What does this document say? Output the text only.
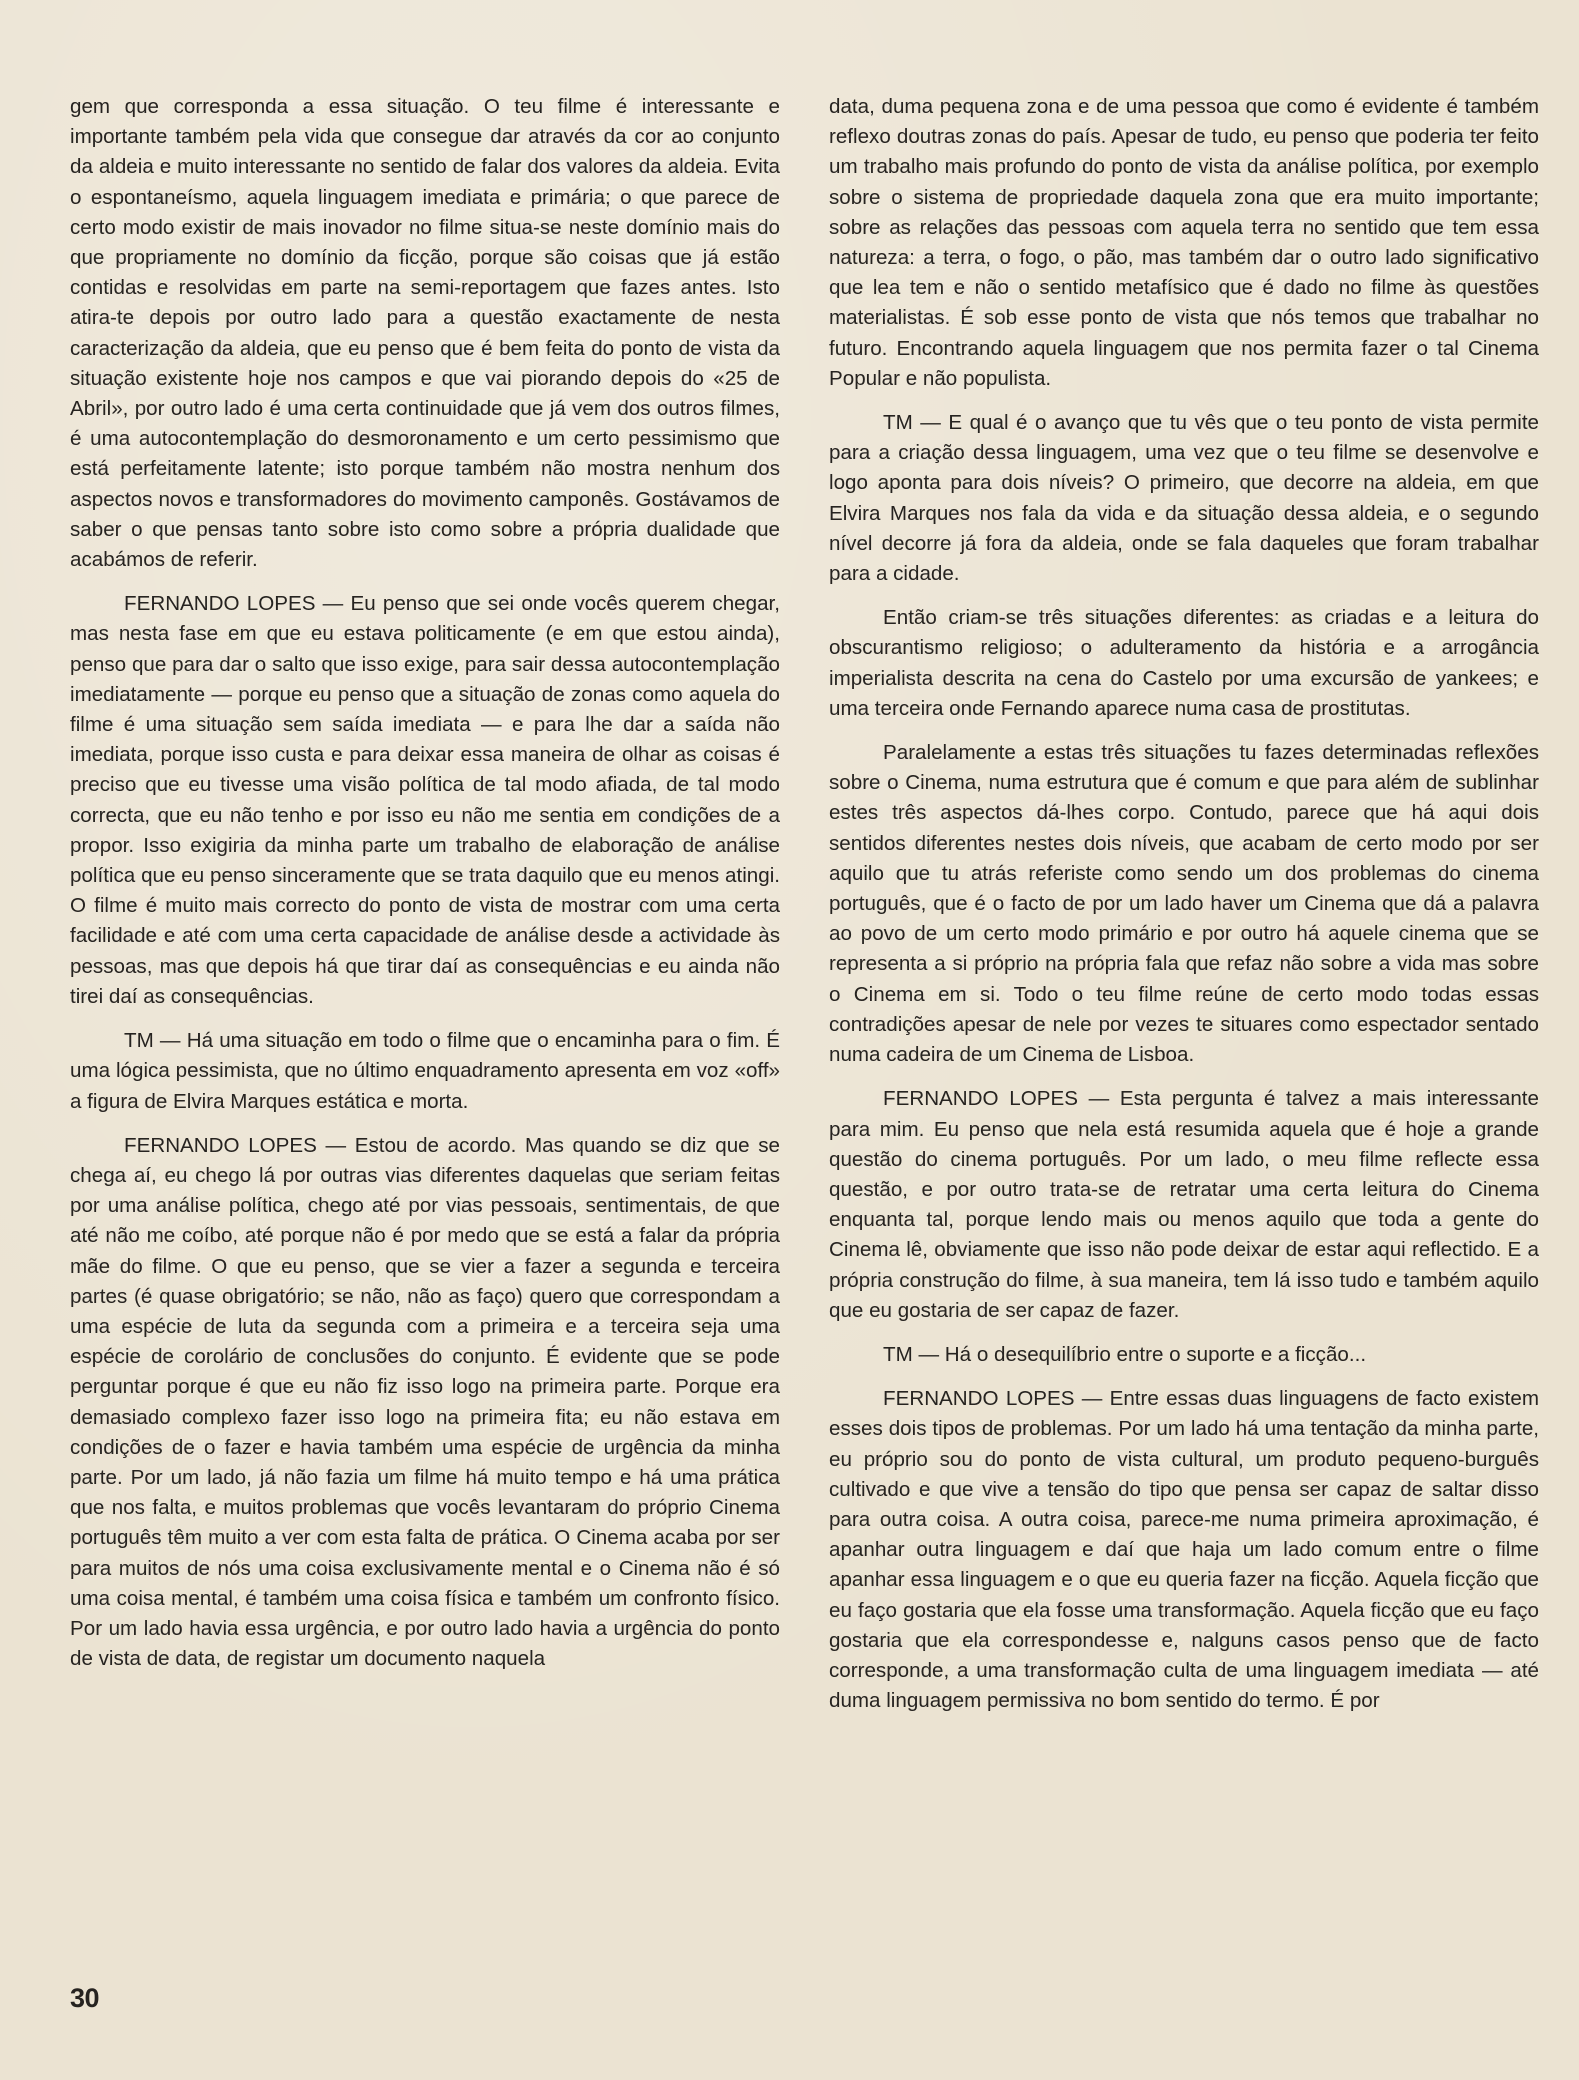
gem que corresponda a essa situação. O teu filme é interessante e importante também pela vida que consegue dar através da cor ao conjunto da aldeia e muito interessante no sentido de falar dos valores da aldeia. Evita o espontaneísmo, aquela linguagem imediata e primária; o que parece de certo modo existir de mais inovador no filme situa-se neste domínio mais do que propriamente no domínio da ficção, porque são coisas que já estão contidas e resolvidas em parte na semi-reportagem que fazes antes. Isto atira-te depois por outro lado para a questão exactamente de nesta caracterização da aldeia, que eu penso que é bem feita do ponto de vista da situação existente hoje nos campos e que vai piorando depois do «25 de Abril», por outro lado é uma certa continuidade que já vem dos outros filmes, é uma autocontemplação do desmoronamento e um certo pessimismo que está perfeitamente latente; isto porque também não mostra nenhum dos aspectos novos e transformadores do movimento camponês. Gostávamos de saber o que pensas tanto sobre isto como sobre a própria dualidade que acabámos de referir.

FERNANDO LOPES — Eu penso que sei onde vocês querem chegar, mas nesta fase em que eu estava politicamente (e em que estou ainda), penso que para dar o salto que isso exige, para sair dessa autocontemplação imediatamente — porque eu penso que a situação de zonas como aquela do filme é uma situação sem saída imediata — e para lhe dar a saída não imediata, porque isso custa e para deixar essa maneira de olhar as coisas é preciso que eu tivesse uma visão política de tal modo afiada, de tal modo correcta, que eu não tenho e por isso eu não me sentia em condições de a propor. Isso exigiria da minha parte um trabalho de elaboração de análise política que eu penso sinceramente que se trata daquilo que eu menos atingi. O filme é muito mais correcto do ponto de vista de mostrar com uma certa facilidade e até com uma certa capacidade de análise desde a actividade às pessoas, mas que depois há que tirar daí as consequências e eu ainda não tirei daí as consequências.

TM — Há uma situação em todo o filme que o encaminha para o fim. É uma lógica pessimista, que no último enquadramento apresenta em voz «off» a figura de Elvira Marques estática e morta.

FERNANDO LOPES — Estou de acordo. Mas quando se diz que se chega aí, eu chego lá por outras vias diferentes daquelas que seriam feitas por uma análise política, chego até por vias pessoais, sentimentais, de que até não me coíbo, até porque não é por medo que se está a falar da própria mãe do filme. O que eu penso, que se vier a fazer a segunda e terceira partes (é quase obrigatório; se não, não as faço) quero que correspondam a uma espécie de luta da segunda com a primeira e a terceira seja uma espécie de corolário de conclusões do conjunto. É evidente que se pode perguntar porque é que eu não fiz isso logo na primeira parte. Porque era demasiado complexo fazer isso logo na primeira fita; eu não estava em condições de o fazer e havia também uma espécie de urgência da minha parte. Por um lado, já não fazia um filme há muito tempo e há uma prática que nos falta, e muitos problemas que vocês levantaram do próprio Cinema português têm muito a ver com esta falta de prática. O Cinema acaba por ser para muitos de nós uma coisa exclusivamente mental e o Cinema não é só uma coisa mental, é também uma coisa física e também um confronto físico. Por um lado havia essa urgência, e por outro lado havia a urgência do ponto de vista de data, de registar um documento naquela

data, duma pequena zona e de uma pessoa que como é evidente é também reflexo doutras zonas do país. Apesar de tudo, eu penso que poderia ter feito um trabalho mais profundo do ponto de vista da análise política, por exemplo sobre o sistema de propriedade daquela zona que era muito importante; sobre as relações das pessoas com aquela terra no sentido que tem essa natureza: a terra, o fogo, o pão, mas também dar o outro lado significativo que lea tem e não o sentido metafísico que é dado no filme às questões materialistas. É sob esse ponto de vista que nós temos que trabalhar no futuro. Encontrando aquela linguagem que nos permita fazer o tal Cinema Popular e não populista.

TM — E qual é o avanço que tu vês que o teu ponto de vista permite para a criação dessa linguagem, uma vez que o teu filme se desenvolve e logo aponta para dois níveis? O primeiro, que decorre na aldeia, em que Elvira Marques nos fala da vida e da situação dessa aldeia, e o segundo nível decorre já fora da aldeia, onde se fala daqueles que foram trabalhar para a cidade.

Então criam-se três situações diferentes: as criadas e a leitura do obscurantismo religioso; o adulteramento da história e a arrogância imperialista descrita na cena do Castelo por uma excursão de yankees; e uma terceira onde Fernando aparece numa casa de prostitutas.

Paralelamente a estas três situações tu fazes determinadas reflexões sobre o Cinema, numa estrutura que é comum e que para além de sublinhar estes três aspectos dá-lhes corpo. Contudo, parece que há aqui dois sentidos diferentes nestes dois níveis, que acabam de certo modo por ser aquilo que tu atrás referiste como sendo um dos problemas do cinema português, que é o facto de por um lado haver um Cinema que dá a palavra ao povo de um certo modo primário e por outro há aquele cinema que se representa a si próprio na própria fala que refaz não sobre a vida mas sobre o Cinema em si. Todo o teu filme reúne de certo modo todas essas contradições apesar de nele por vezes te situares como espectador sentado numa cadeira de um Cinema de Lisboa.

FERNANDO LOPES — Esta pergunta é talvez a mais interessante para mim. Eu penso que nela está resumida aquela que é hoje a grande questão do cinema português. Por um lado, o meu filme reflecte essa questão, e por outro trata-se de retratar uma certa leitura do Cinema enquanta tal, porque lendo mais ou menos aquilo que toda a gente do Cinema lê, obviamente que isso não pode deixar de estar aqui reflectido. E a própria construção do filme, à sua maneira, tem lá isso tudo e também aquilo que eu gostaria de ser capaz de fazer.

TM — Há o desequilíbrio entre o suporte e a ficção...

FERNANDO LOPES — Entre essas duas linguagens de facto existem esses dois tipos de problemas. Por um lado há uma tentação da minha parte, eu próprio sou do ponto de vista cultural, um produto pequeno-burguês cultivado e que vive a tensão do tipo que pensa ser capaz de saltar disso para outra coisa. A outra coisa, parece-me numa primeira aproximação, é apanhar outra linguagem e daí que haja um lado comum entre o filme apanhar essa linguagem e o que eu queria fazer na ficção. Aquela ficção que eu faço gostaria que ela fosse uma transformação. Aquela ficção que eu faço gostaria que ela correspondesse e, nalguns casos penso que de facto corresponde, a uma transformação culta de uma linguagem imediata — até duma linguagem permissiva no bom sentido do termo. É por

30
